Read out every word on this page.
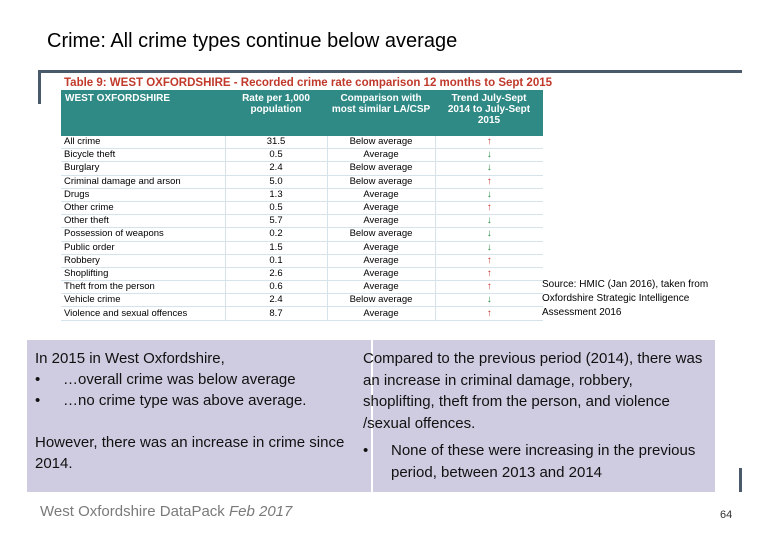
Crime: All crime types continue below average
Table 9: WEST OXFORDSHIRE - Recorded crime rate comparison 12 months to Sept 2015
WEST OXFORDSHIRE	Rate per 1,000 population	Comparison with most similar LA/CSP	Trend July-Sept 2014 to July-Sept 2015
All crime	31.5	Below average	↑
Bicycle theft	0.5	Average	↓
Burglary	2.4	Below average	↓
Criminal damage and arson	5.0	Below average	↑
Drugs	1.3	Average	↓
Other crime	0.5	Average	↑
Other theft	5.7	Average	↓
Possession of weapons	0.2	Below average	↓
Public order	1.5	Average	↓
Robbery	0.1	Average	↑
Shoplifting	2.6	Average	↑
Theft from the person	0.6	Average	↑
Vehicle crime	2.4	Below average	↓
Violence and sexual offences	8.7	Average	↑
Source: HMIC (Jan 2016), taken from Oxfordshire Strategic Intelligence Assessment 2016
In 2015 in West Oxfordshire,
•	…overall crime was below average
•	…no crime type was above average.
However, there was an increase in crime since 2014.
Compared to the previous period (2014), there was an increase in criminal damage, robbery, shoplifting, theft from the person, and violence /sexual offences.
•	None of these were increasing in the previous period, between 2013 and 2014
West Oxfordshire DataPack Feb 2017	64
